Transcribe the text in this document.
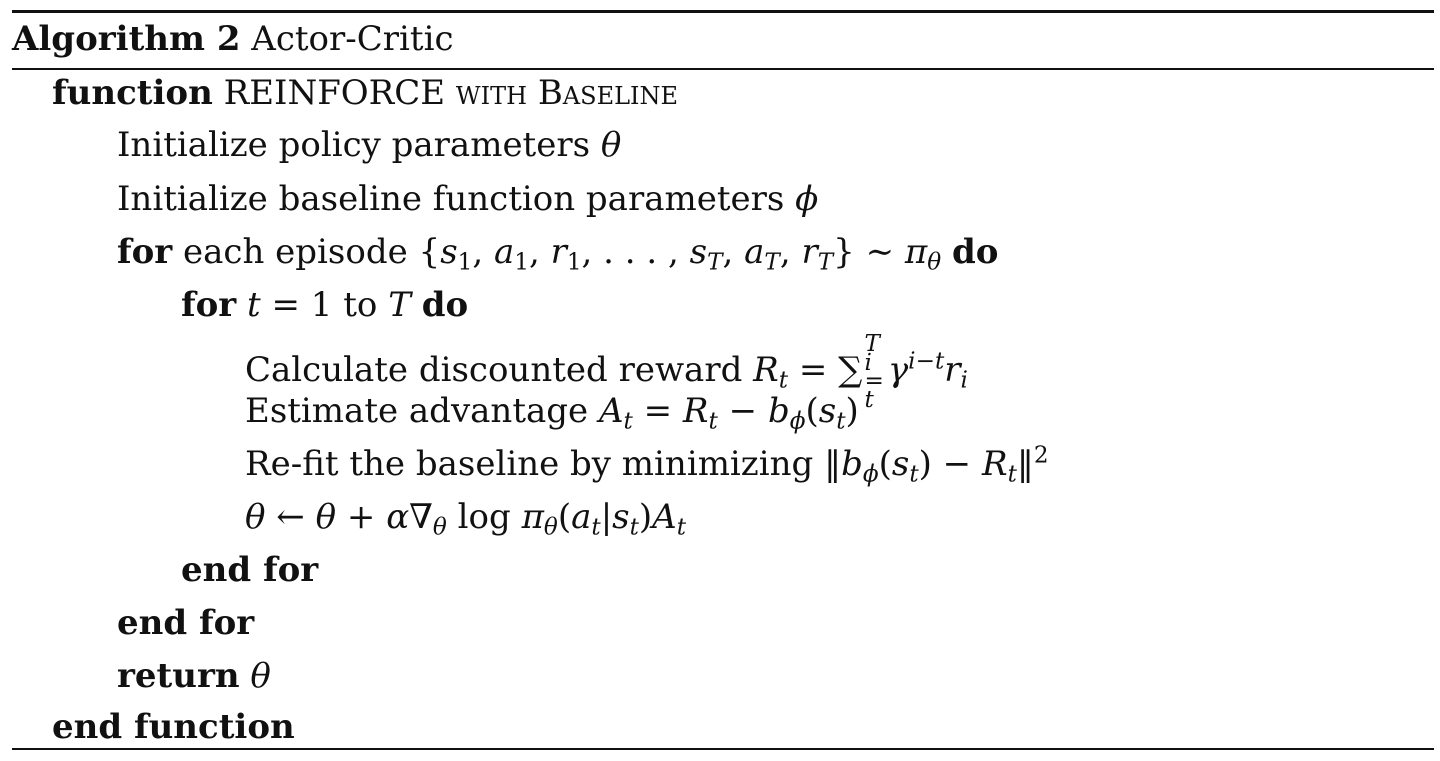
Algorithm 2 Actor-Critic
function REINFORCE with Baseline
Initialize policy parameters θ
Initialize baseline function parameters ϕ
for each episode {$s_1$, $a_1$, $r_1$, . . . , $s_T$, $a_T$, $r_T$} ∼ $\pi_\theta$ do
for t = 1 to T do
Calculate discounted reward $R_t$ = ∑
T
i
=
t
$\gamma^{i-t}r_i$
Estimate advantage $A_t = R_t - b_\phi(s_t)$
Re-fit the baseline by minimizing $‖b_\phi(s_t)$ − $R_t‖^2$
θ ← $\theta + \alpha\nabla_\theta$ $\log \pi_\theta(a_t|s_t)A_t$
end for
end for
return θ
end function
